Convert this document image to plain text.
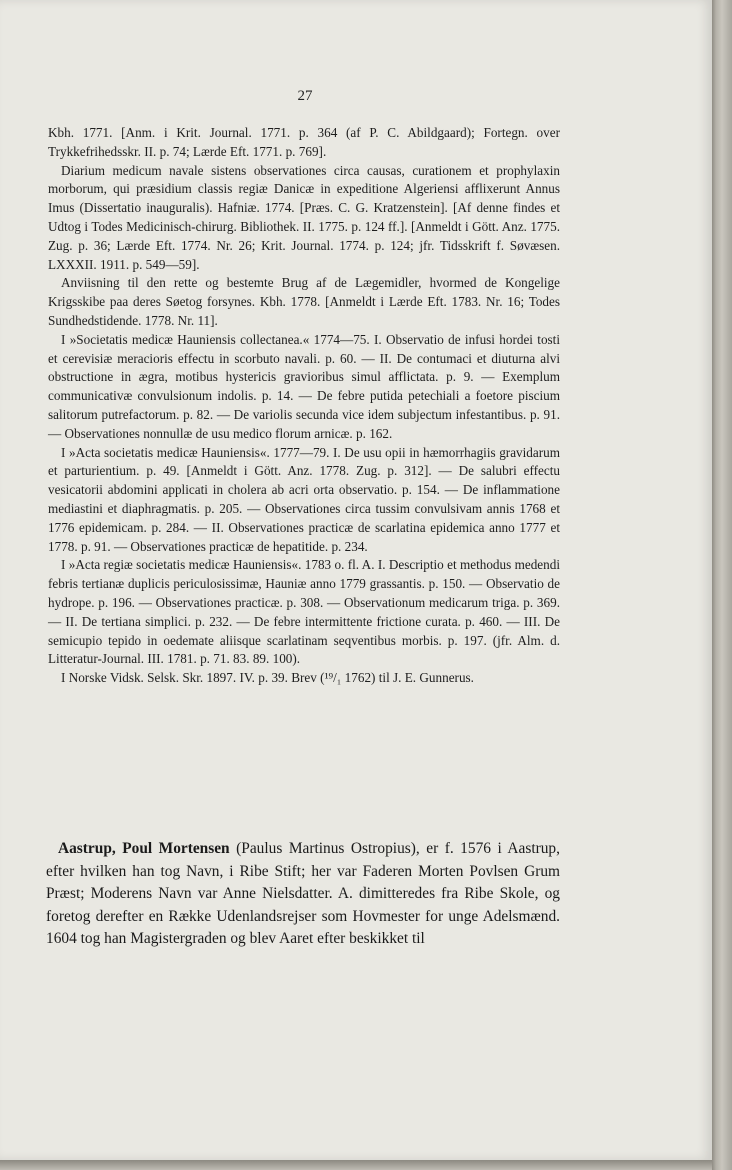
27

Kbh. 1771. [Anm. i Krit. Journal. 1771. p. 364 (af P. C. Abildgaard); Fortegn. over Trykkefrihedsskr. II. p. 74; Lærde Eft. 1771. p. 769].

Diarium medicum navale sistens observationes circa causas, curationem et prophylaxin morborum, qui præsidium classis regiæ Danicæ in expeditione Algeriensi afflixerunt Annus Imus (Dissertatio inauguralis). Hafniæ. 1774. [Præs. C. G. Kratzenstein]. [Af denne findes et Udtog i Todes Medicinisch-chirurg. Bibliothek. II. 1775. p. 124 ff.]. [Anmeldt i Gött. Anz. 1775. Zug. p. 36; Lærde Eft. 1774. Nr. 26; Krit. Journal. 1774. p. 124; jfr. Tidsskrift f. Søvæsen. LXXXII. 1911. p. 549—59].

Anviisning til den rette og bestemte Brug af de Lægemidler, hvormed de Kongelige Krigsskibe paa deres Søetog forsynes. Kbh. 1778. [Anmeldt i Lærde Eft. 1783. Nr. 16; Todes Sundhedstidende. 1778. Nr. 11].

I »Societatis medicæ Hauniensis collectanea.« 1774—75. I. Observatio de infusi hordei tosti et cerevisiæ meracioris effectu in scorbuto navali. p. 60. — II. De contumaci et diuturna alvi obstructione in ægra, motibus hystericis gravioribus simul afflictata. p. 9. — Exemplum communicativæ convulsionum indolis. p. 14. — De febre putida petechiali a foetore piscium salitorum putrefactorum. p. 82. — De variolis secunda vice idem subjectum infestantibus. p. 91. — Observationes nonnullæ de usu medico florum arnicæ. p. 162.

I »Acta societatis medicæ Hauniensis«. 1777—79. I. De usu opii in hæmorrhagiis gravidarum et parturientium. p. 49. [Anmeldt i Gött. Anz. 1778. Zug. p. 312]. — De salubri effectu vesicatorii abdomini applicati in cholera ab acri orta observatio. p. 154. — De inflammatione mediastini et diaphragmatis. p. 205. — Observationes circa tussim convulsivam annis 1768 et 1776 epidemicam. p. 284. — II. Observationes practicæ de scarlatina epidemica anno 1777 et 1778. p. 91. — Observationes practicæ de hepatitide. p. 234.

I »Acta regiæ societatis medicæ Hauniensis«. 1783 o. fl. A. I. Descriptio et methodus medendi febris tertianæ duplicis periculosissimæ, Hauniæ anno 1779 grassantis. p. 150. — Observatio de hydrope. p. 196. — Observationes practicæ. p. 308. — Observationum medicarum triga. p. 369. — II. De tertiana simplici. p. 232. — De febre intermittente frictione curata. p. 460. — III. De semicupio tepido in oedemate aliisque scarlatinam seqventibus morbis. p. 197. (jfr. Alm. d. Litteratur-Journal. III. 1781. p. 71. 83. 89. 100).

I Norske Vidsk. Selsk. Skr. 1897. IV. p. 39. Brev (¹⁹/₁ 1762) til J. E. Gunnerus.

Aastrup, Poul Mortensen (Paulus Martinus Ostropius), er f. 1576 i Aastrup, efter hvilken han tog Navn, i Ribe Stift; her var Faderen Morten Povlsen Grum Præst; Moderens Navn var Anne Nielsdatter. A. dimitteredes fra Ribe Skole, og foretog derefter en Række Udenlandsrejser som Hovmester for unge Adelsmænd. 1604 tog han Magistergraden og blev Aaret efter beskikket til
